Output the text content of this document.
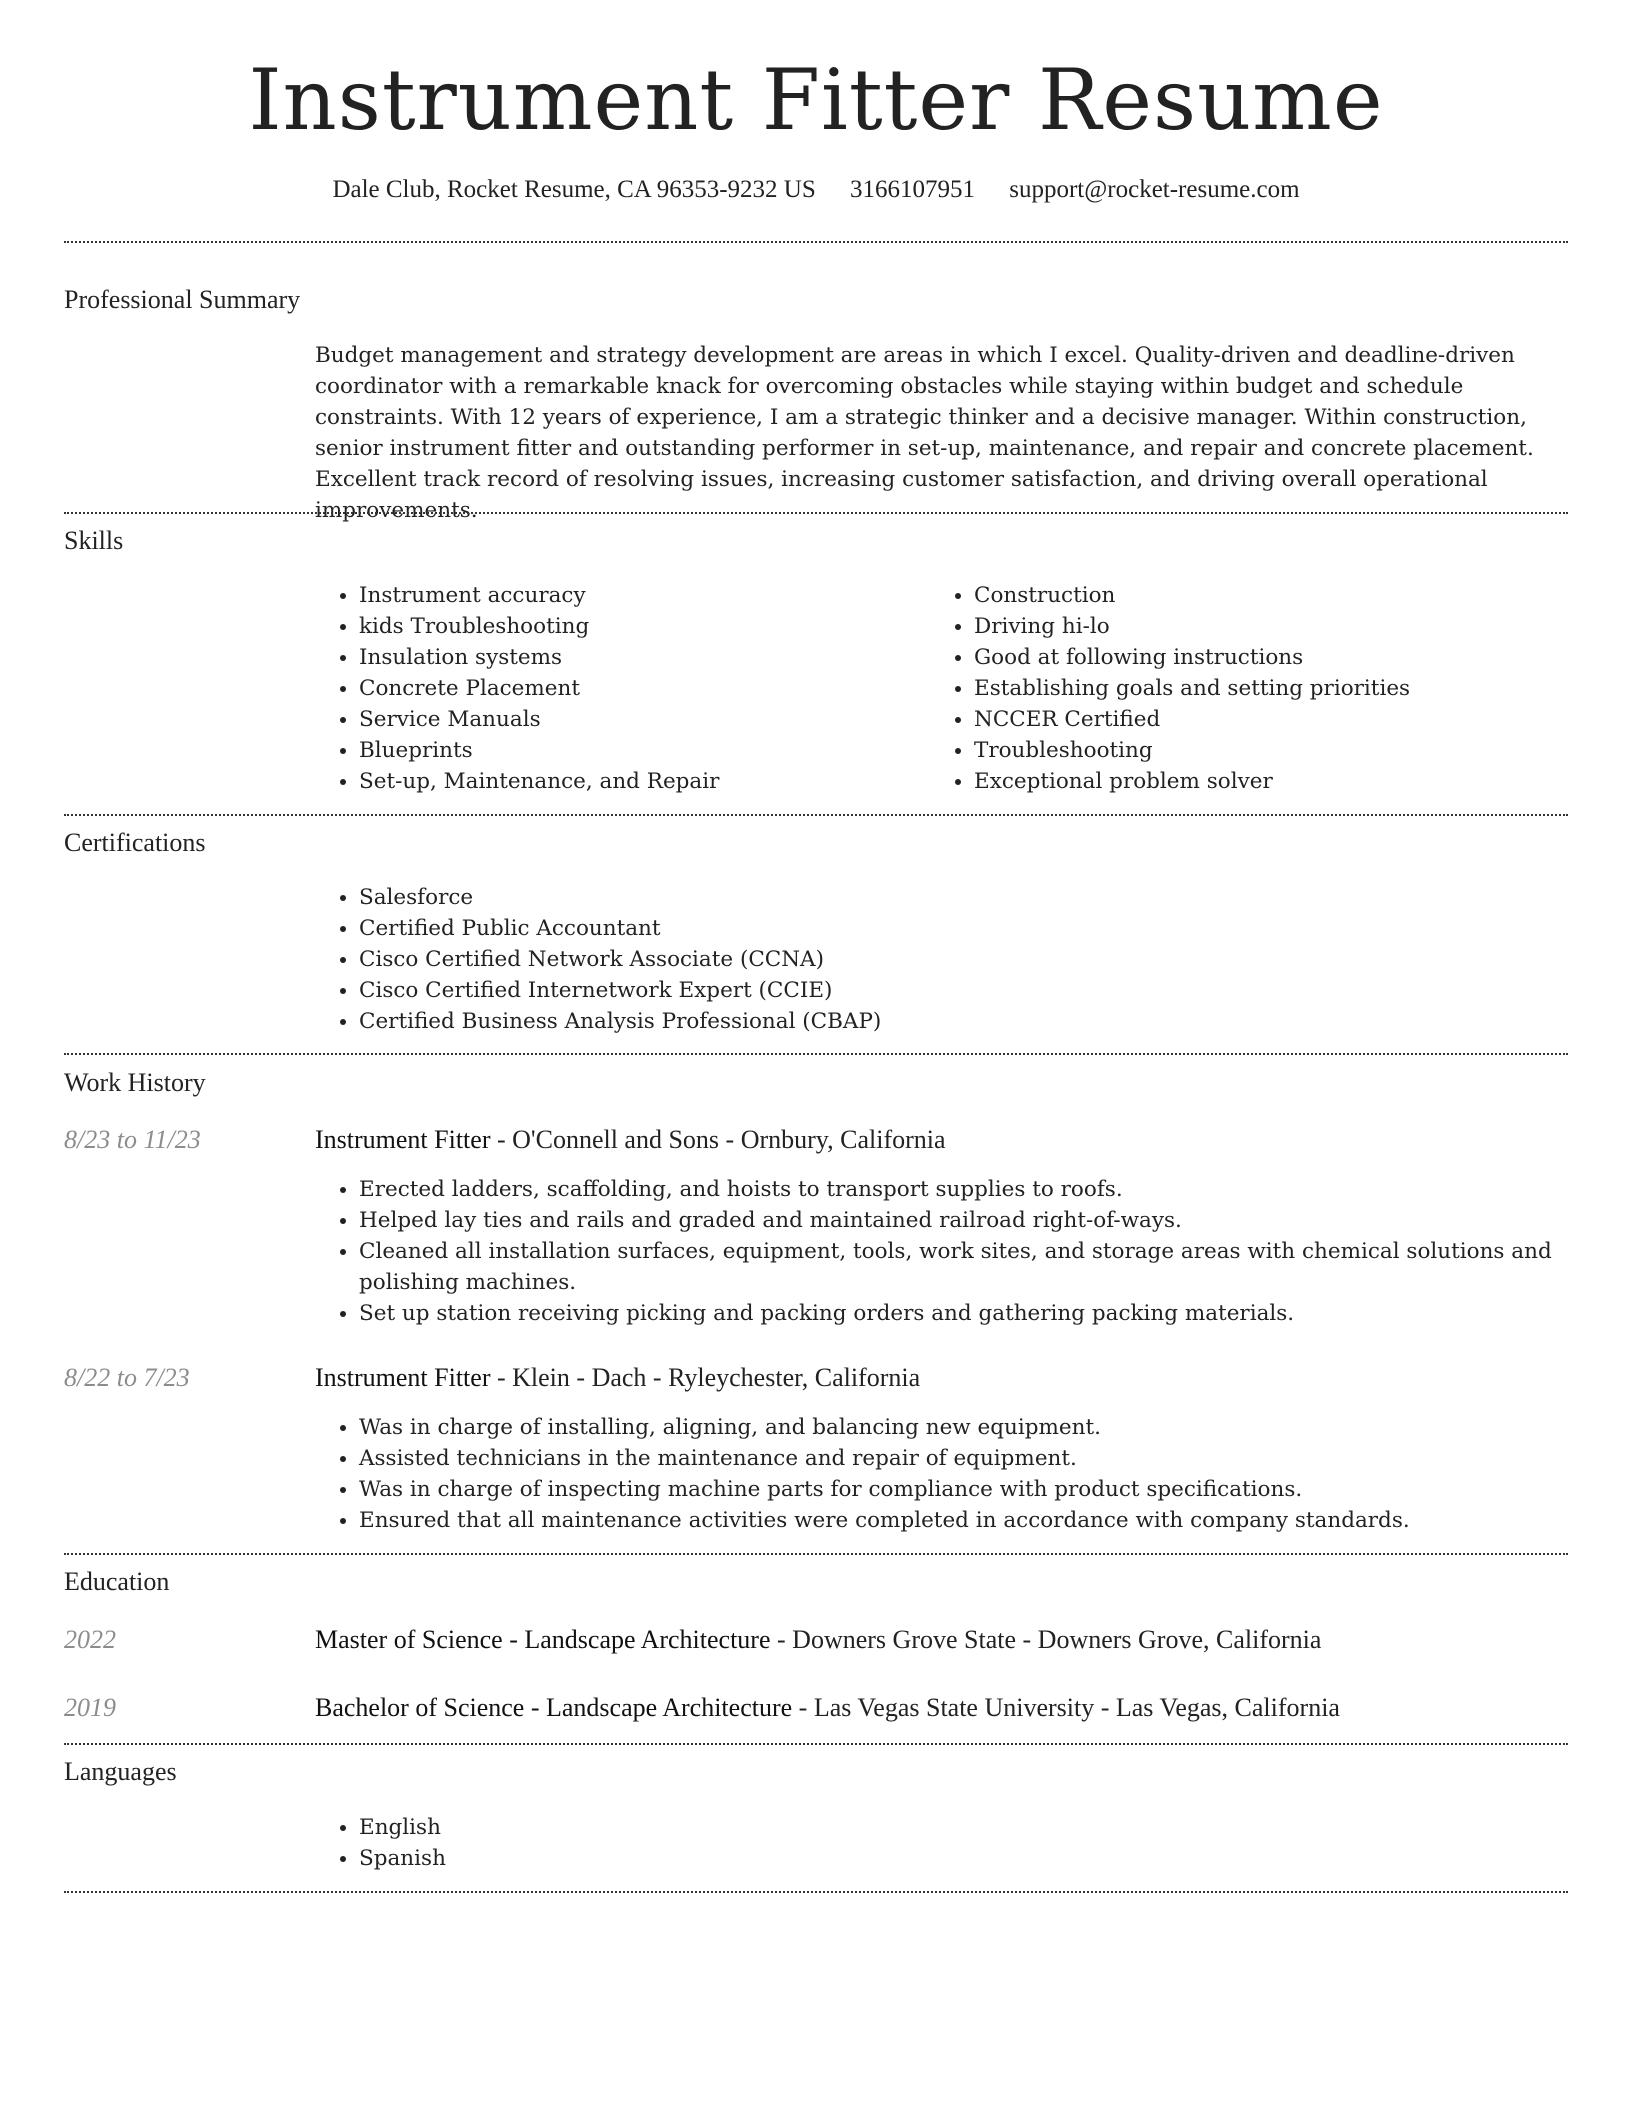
Instrument Fitter Resume
Dale Club, Rocket Resume, CA 96353-9232 US 3166107951 support@rocket-resume.com
Professional Summary

Budget management and strategy development are areas in which I excel. Quality-driven and deadline-driven coordinator with a remarkable knack for overcoming obstacles while staying within budget and schedule constraints. With 12 years of experience, I am a strategic thinker and a decisive manager. Within construction, senior instrument fitter and outstanding performer in set-up, maintenance, and repair and concrete placement. Excellent track record of resolving issues, increasing customer satisfaction, and driving overall operational improvements.

Skills
• Instrument accuracy
• kids Troubleshooting
• Insulation systems
• Concrete Placement
• Service Manuals
• Blueprints
• Set-up, Maintenance, and Repair
• Construction
• Driving hi-lo
• Good at following instructions
• Establishing goals and setting priorities
• NCCER Certified
• Troubleshooting
• Exceptional problem solver
Certifications
• Salesforce
• Certified Public Accountant
• Cisco Certified Network Associate (CCNA)
• Cisco Certified Internetwork Expert (CCIE)
• Certified Business Analysis Professional (CBAP)
Work History
8/23 to 11/23	Instrument Fitter - O'Connell and Sons - Ornbury, California
• Erected ladders, scaffolding, and hoists to transport supplies to roofs.
• Helped lay ties and rails and graded and maintained railroad right-of-ways.
• Cleaned all installation surfaces, equipment, tools, work sites, and storage areas with chemical solutions and polishing machines.
• Set up station receiving picking and packing orders and gathering packing materials.
8/22 to 7/23	Instrument Fitter - Klein - Dach - Ryleychester, California
• Was in charge of installing, aligning, and balancing new equipment.
• Assisted technicians in the maintenance and repair of equipment.
• Was in charge of inspecting machine parts for compliance with product specifications.
• Ensured that all maintenance activities were completed in accordance with company standards.
Education
2022	Master of Science - Landscape Architecture - Downers Grove State - Downers Grove, California
2019	Bachelor of Science - Landscape Architecture - Las Vegas State University - Las Vegas, California
Languages
• English
• Spanish
